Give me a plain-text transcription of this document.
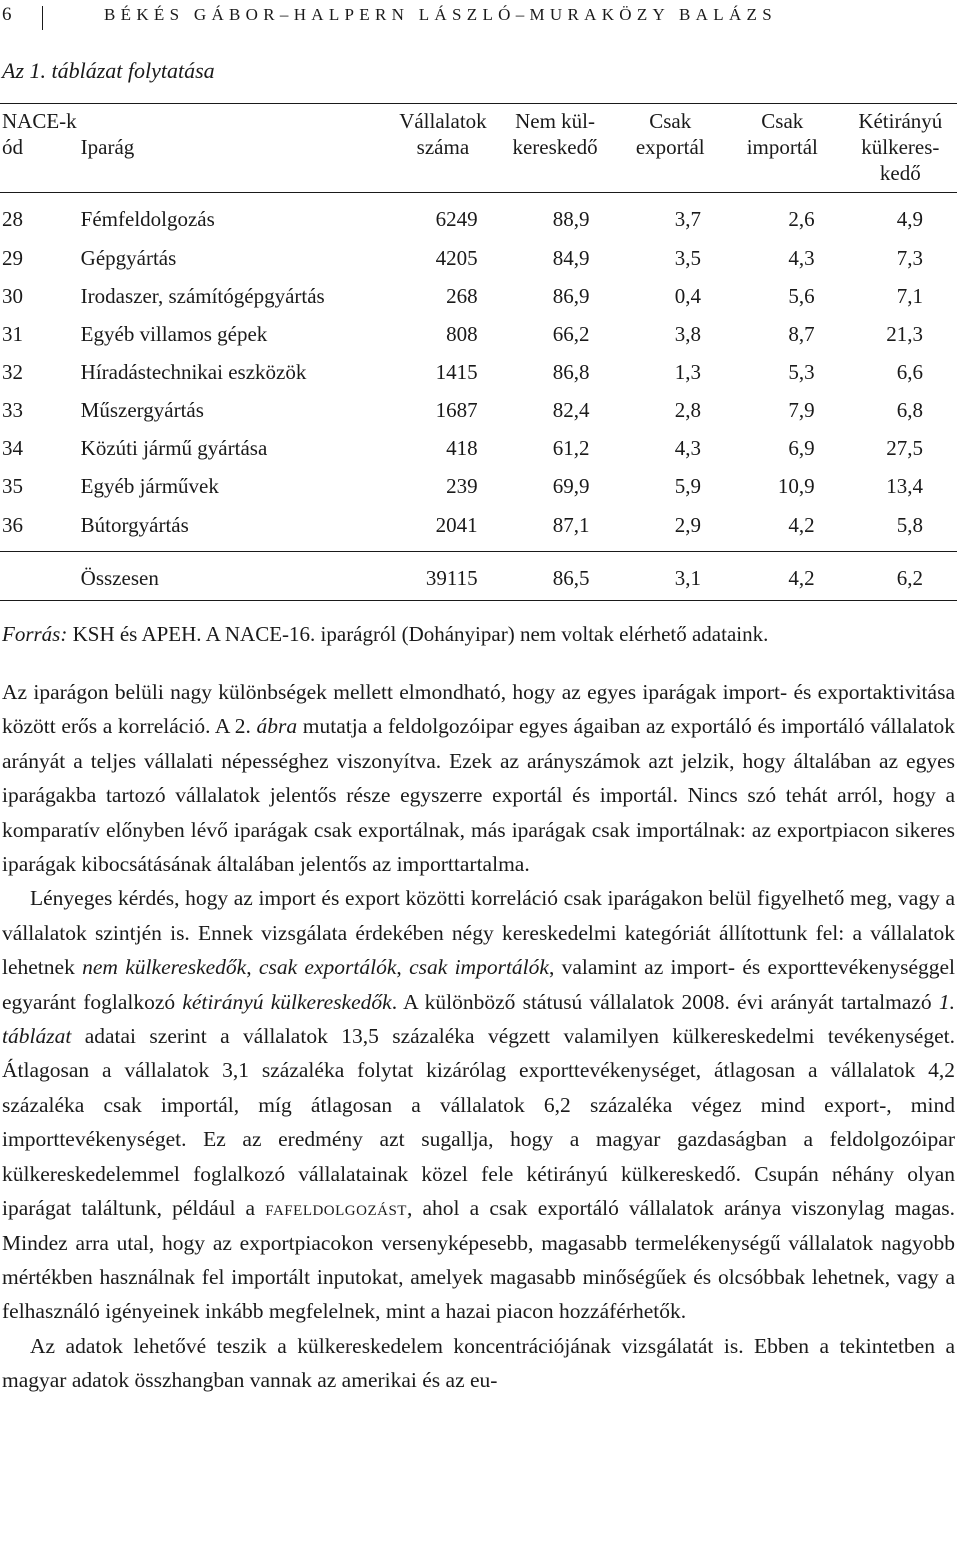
6	BÉKÉS GÁBOR–HALPERN LÁSZLÓ–MURAKÖZY BALÁZS
Az 1. táblázat folytatása
NACE-kód	Iparág	Vállalatok száma	Nem kül-kereskedő	Csak exportál	Csak importál	Kétirányú külkeres-kedő
28	Fémfeldolgozás	6249	88,9	3,7	2,6	4,9
29	Gépgyártás	4205	84,9	3,5	4,3	7,3
30	Irodaszer, számítógépgyártás	268	86,9	0,4	5,6	7,1
31	Egyéb villamos gépek	808	66,2	3,8	8,7	21,3
32	Híradástechnikai eszközök	1415	86,8	1,3	5,3	6,6
33	Műszergyártás	1687	82,4	2,8	7,9	6,8
34	Közúti jármű gyártása	418	61,2	4,3	6,9	27,5
35	Egyéb járművek	239	69,9	5,9	10,9	13,4
36	Bútorgyártás	2041	87,1	2,9	4,2	5,8
	Összesen	39115	86,5	3,1	4,2	6,2
Forrás: KSH és APEH. A NACE-16. iparágról (Dohányipar) nem voltak elérhető adataink.

Az iparágon belüli nagy különbségek mellett elmondható, hogy az egyes iparágak import- és exportaktivitása között erős a korreláció. A 2. ábra mutatja a feldolgozóipar egyes ágaiban az exportáló és importáló vállalatok arányát a teljes vállalati népességhez viszonyítva. Ezek az arányszámok azt jelzik, hogy általában az egyes iparágakba tartozó vállalatok jelentős része egyszerre exportál és importál. Nincs szó tehát arról, hogy a komparatív előnyben lévő iparágak csak exportálnak, más iparágak csak importálnak: az exportpiacon sikeres iparágak kibocsátásának általában jelentős az importtartalma.

Lényeges kérdés, hogy az import és export közötti korreláció csak iparágakon belül figyelhető meg, vagy a vállalatok szintjén is. Ennek vizsgálata érdekében négy kereskedelmi kategóriát állítottunk fel: a vállalatok lehetnek nem külkereskedők, csak exportálók, csak importálók, valamint az import- és exporttevékenységgel egyaránt foglalkozó kétirányú külkereskedők. A különböző státusú vállalatok 2008. évi arányát tartalmazó 1. táblázat adatai szerint a vállalatok 13,5 százaléka végzett valamilyen külkereskedelmi tevékenységet. Átlagosan a vállalatok 3,1 százaléka folytat kizárólag exporttevékenységet, átlagosan a vállalatok 4,2 százaléka csak importál, míg átlagosan a vállalatok 6,2 százaléka végez mind export-, mind importtevékenységet. Ez az eredmény azt sugallja, hogy a magyar gazdaságban a feldolgozóipar külkereskedelemmel foglalkozó vállalatainak közel fele kétirányú külkereskedő. Csupán néhány olyan iparágat találtunk, például a fafeldolgozást, ahol a csak exportáló vállalatok aránya viszonylag magas. Mindez arra utal, hogy az exportpiacokon versenyképesebb, magasabb termelékenységű vállalatok nagyobb mértékben használnak fel importált inputokat, amelyek magasabb minőségűek és olcsóbbak lehetnek, vagy a felhasználó igényeinek inkább megfelelnek, mint a hazai piacon hozzáférhetők.

Az adatok lehetővé teszik a külkereskedelem koncentrációjának vizsgálatát is. Ebben a tekintetben a magyar adatok összhangban vannak az amerikai és az eu-
